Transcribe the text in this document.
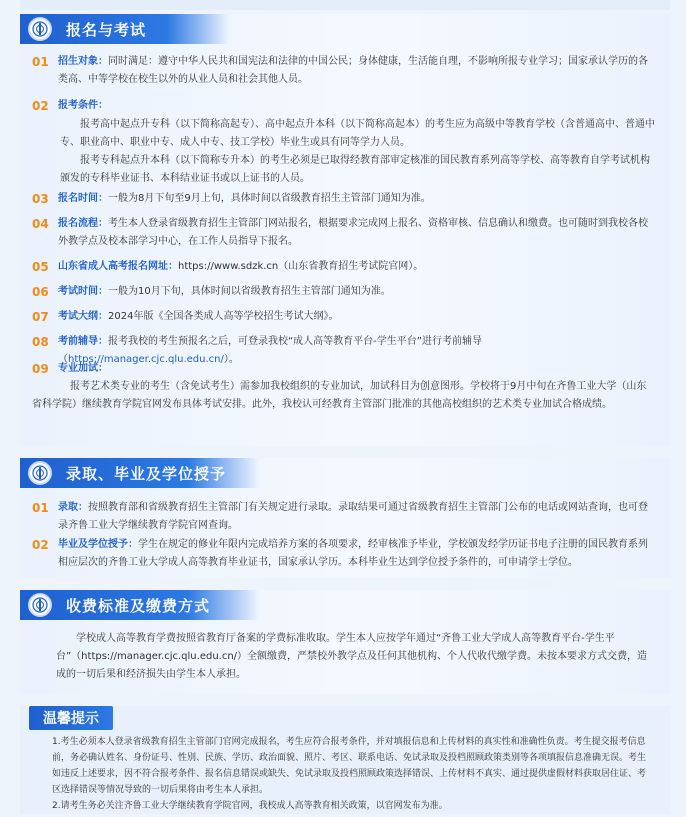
报名与考试
01 招生对象：同时满足：遵守中华人民共和国宪法和法律的中国公民；身体健康，生活能自理，不影响所报专业学习；国家承认学历的各类高、中等学校在校生以外的从业人员和社会其他人员。
02 报考条件：

报考高中起点升专科（以下简称高起专）、高中起点升本科（以下简称高起本）的考生应为高级中等教育学校（含普通高中、普通中专、职业高中、职业中专、成人中专、技工学校）毕业生或具有同等学力人员。

报考专科起点升本科（以下简称专升本）的考生必须是已取得经教育部审定核准的国民教育系列高等学校、高等教育自学考试机构颁发的专科毕业证书、本科结业证书或以上证书的人员。

03 报名时间：一般为8月下旬至9月上旬，具体时间以省级教育招生主管部门通知为准。
04 报名流程：考生本人登录省级教育招生主管部门网站报名，根据要求完成网上报名、资格审核、信息确认和缴费。也可随时到我校各校外教学点及校本部学习中心，在工作人员指导下报名。
05 山东省成人高考报名网址：https://www.sdzk.cn（山东省教育招生考试院官网）。
06 考试时间：一般为10月下旬，具体时间以省级教育招生主管部门通知为准。
07 考试大纲：2024年版《全国各类成人高等学校招生考试大纲》。
08 考前辅导：报考我校的考生预报名之后，可登录我校“成人高等教育平台-学生平台”进行考前辅导（https://manager.cjc.qlu.edu.cn/）。
09 专业加试：

报考艺术类专业的考生（含免试考生）需参加我校组织的专业加试，加试科目为创意图形。学校将于9月中旬在齐鲁工业大学（山东省科学院）继续教育学院官网发布具体考试安排。此外，我校认可经教育主管部门批准的其他高校组织的艺术类专业加试合格成绩。

录取、毕业及学位授予
01 录取：按照教育部和省级教育招生主管部门有关规定进行录取。录取结果可通过省级教育招生主管部门公布的电话或网站查询，也可登录齐鲁工业大学继续教育学院官网查询。
02 毕业及学位授予：学生在规定的修业年限内完成培养方案的各项要求，经审核准予毕业，学校颁发经学历证书电子注册的国民教育系列相应层次的齐鲁工业大学成人高等教育毕业证书，国家承认学历。本科毕业生达到学位授予条件的，可申请学士学位。
收费标准及缴费方式

学校成人高等教育学费按照省教育厅备案的学费标准收取。学生本人应按学年通过“齐鲁工业大学成人高等教育平台-学生平台”（https://manager.cjc.qlu.edu.cn/）全额缴费，严禁校外教学点及任何其他机构、个人代收代缴学费。未按本要求方式交费，造成的一切后果和经济损失由学生本人承担。

温馨提示
1.考生必须本人登录省级教育招生主管部门官网完成报名，考生应符合报考条件，并对填报信息和上传材料的真实性和准确性负责。考生提交报考信息前，务必确认姓名、身份证号、性别、民族、学历、政治面貌、照片、考区、联系电话、免试录取及投档照顾政策类别等各项填报信息准确无误。考生如违反上述要求，因不符合报考条件、报名信息错误或缺失、免试录取及投档照顾政策选择错误、上传材料不真实、通过提供虚假材料获取居住证、考区选择错误等情况导致的一切后果将由考生本人承担。
2.请考生务必关注齐鲁工业大学继续教育学院官网，我校成人高等教育相关政策，以官网发布为准。
